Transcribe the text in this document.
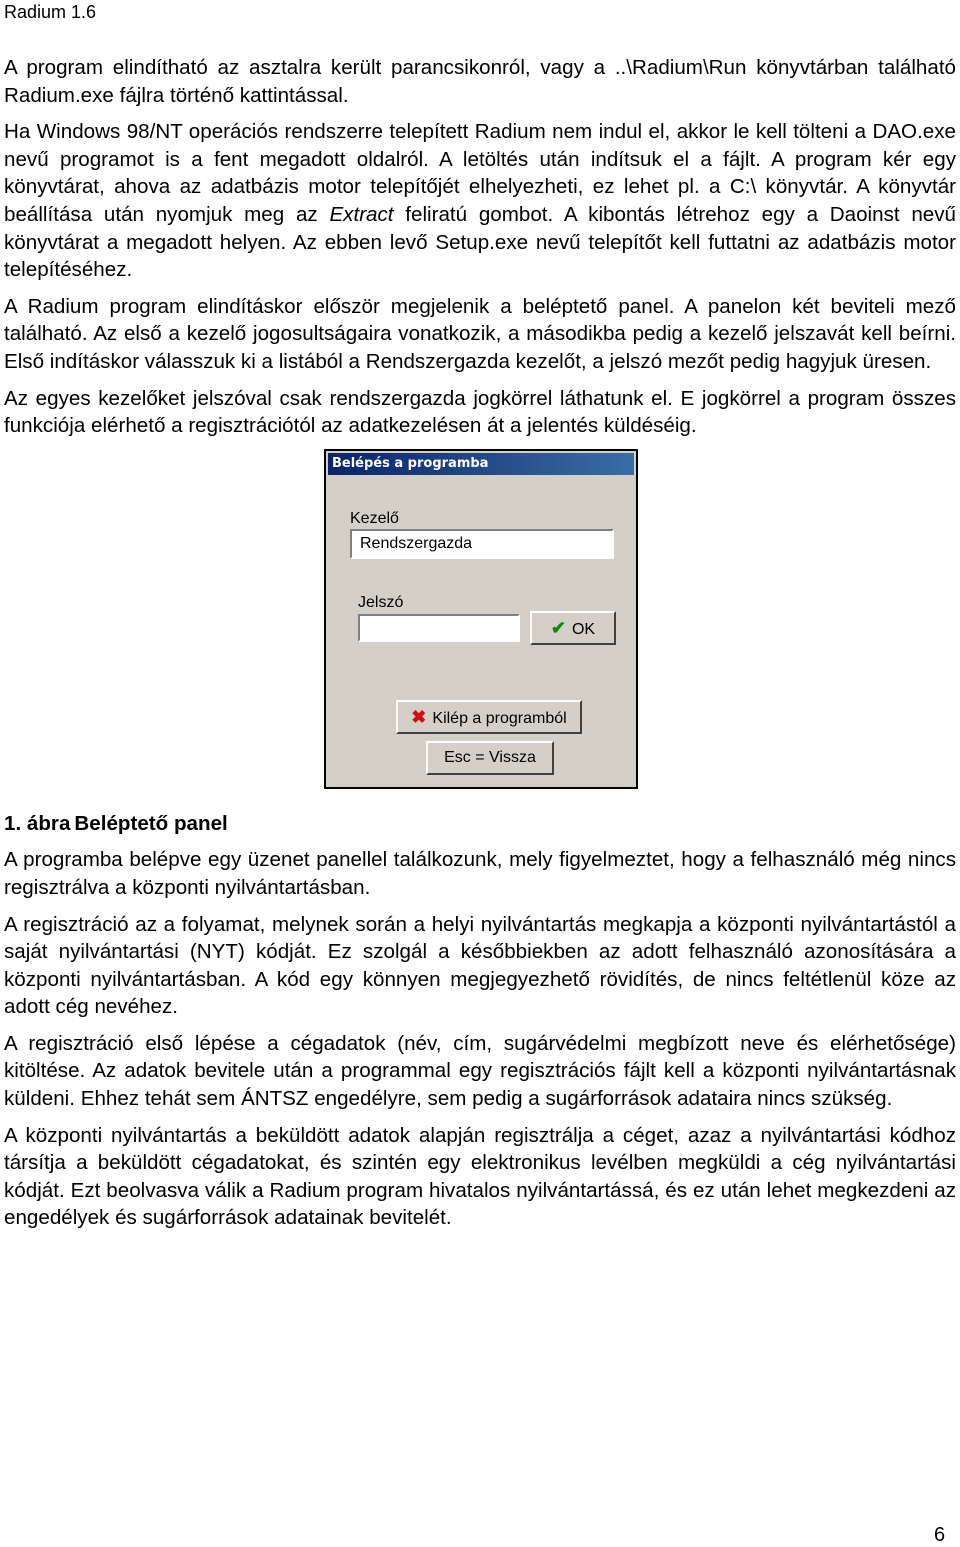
Radium 1.6

A program elindítható az asztalra került parancsikonról, vagy a ..\Radium\Run könyvtárban található Radium.exe fájlra történő kattintással.

Ha Windows 98/NT operációs rendszerre telepített Radium nem indul el, akkor le kell tölteni a DAO.exe nevű programot is a fent megadott oldalról. A letöltés után indítsuk el a fájlt. A program kér egy könyvtárat, ahova az adatbázis motor telepítőjét elhelyezheti, ez lehet pl. a C:\ könyvtár. A könyvtár beállítása után nyomjuk meg az Extract feliratú gombot. A kibontás létrehoz egy a Daoinst nevű könyvtárat a megadott helyen. Az ebben levő Setup.exe nevű telepítőt kell futtatni az adatbázis motor telepítéséhez.

A Radium program elindításkor először megjelenik a beléptető panel. A panelon két beviteli mező található. Az első a kezelő jogosultságaira vonatkozik, a másodikba pedig a kezelő jelszavát kell beírni. Első indításkor válasszuk ki a listából a Rendszergazda kezelőt, a jelszó mezőt pedig hagyjuk üresen.

Az egyes kezelőket jelszóval csak rendszergazda jogkörrel láthatunk el. E jogkörrel a program összes funkciója elérhető a regisztrációtól az adatkezelésen át a jelentés küldéséig.

Belépés a programba
Kezelő
Rendszergazda
Jelszó
✔ OK
✖ Kilép a programból
Esc = Vissza

1. ábra Beléptető panel

A programba belépve egy üzenet panellel találkozunk, mely figyelmeztet, hogy a felhasználó még nincs regisztrálva a központi nyilvántartásban.

A regisztráció az a folyamat, melynek során a helyi nyilvántartás megkapja a központi nyilvántartástól a saját nyilvántartási (NYT) kódját. Ez szolgál a későbbiekben az adott felhasználó azonosítására a központi nyilvántartásban. A kód egy könnyen megjegyezhető rövidítés, de nincs feltétlenül köze az adott cég nevéhez.

A regisztráció első lépése a cégadatok (név, cím, sugárvédelmi megbízott neve és elérhetősége) kitöltése. Az adatok bevitele után a programmal egy regisztrációs fájlt kell a központi nyilvántartásnak küldeni. Ehhez tehát sem ÁNTSZ engedélyre, sem pedig a sugárforrások adataira nincs szükség.

A központi nyilvántartás a beküldött adatok alapján regisztrálja a céget, azaz a nyilvántartási kódhoz társítja a beküldött cégadatokat, és szintén egy elektronikus levélben megküldi a cég nyilvántartási kódját. Ezt beolvasva válik a Radium program hivatalos nyilvántartássá, és ez után lehet megkezdeni az engedélyek és sugárforrások adatainak bevitelét.

6
